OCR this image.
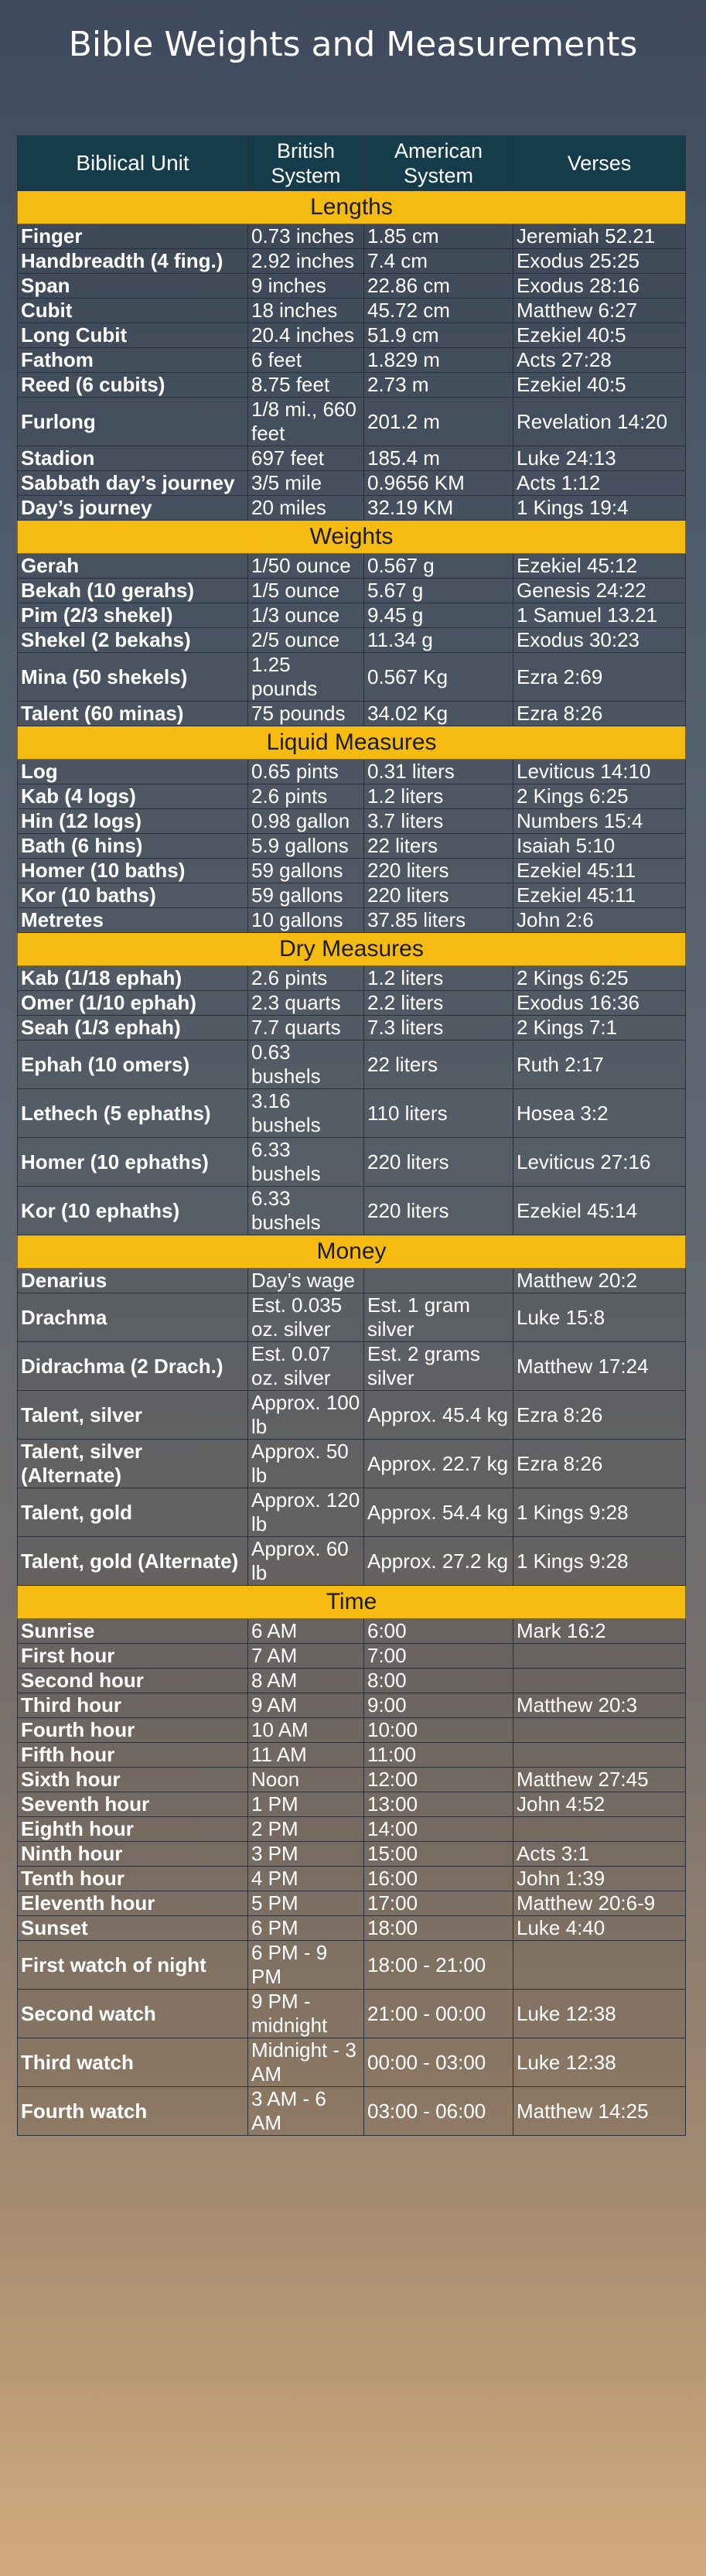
Bible Weights and Measurements
Biblical Unit	British System	American System	Verses
Lengths			
Finger	0.73 inches	1.85 cm	Jeremiah 52.21
Handbreadth (4 fing.)	2.92 inches	7.4 cm	Exodus 25:25
Span	9 inches	22.86 cm	Exodus 28:16
Cubit	18 inches	45.72 cm	Matthew 6:27
Long Cubit	20.4 inches	51.9 cm	Ezekiel 40:5
Fathom	6 feet	1.829 m	Acts 27:28
Reed (6 cubits)	8.75 feet	2.73 m	Ezekiel 40:5
Furlong	1/8 mi., 660 feet	201.2 m	Revelation 14:20
Stadion	697 feet	185.4 m	Luke 24:13
Sabbath day’s journey	3/5 mile	0.9656 KM	Acts 1:12
Day’s journey	20 miles	32.19 KM	1 Kings 19:4
Weights			
Gerah	1/50 ounce	0.567 g	Ezekiel 45:12
Bekah (10 gerahs)	1/5 ounce	5.67 g	Genesis 24:22
Pim (2/3 shekel)	1/3 ounce	9.45 g	1 Samuel 13.21
Shekel (2 bekahs)	2/5 ounce	11.34 g	Exodus 30:23
Mina (50 shekels)	1.25 pounds	0.567 Kg	Ezra 2:69
Talent (60 minas)	75 pounds	34.02 Kg	Ezra 8:26
Liquid Measures			
Log	0.65 pints	0.31 liters	Leviticus 14:10
Kab (4 logs)	2.6 pints	1.2 liters	2 Kings 6:25
Hin (12 logs)	0.98 gallon	3.7 liters	Numbers 15:4
Bath (6 hins)	5.9 gallons	22 liters	Isaiah 5:10
Homer (10 baths)	59 gallons	220 liters	Ezekiel 45:11
Kor (10 baths)	59 gallons	220 liters	Ezekiel 45:11
Metretes	10 gallons	37.85 liters	John 2:6
Dry Measures			
Kab (1/18 ephah)	2.6 pints	1.2 liters	2 Kings 6:25
Omer (1/10 ephah)	2.3 quarts	2.2 liters	Exodus 16:36
Seah (1/3 ephah)	7.7 quarts	7.3 liters	2 Kings 7:1
Ephah (10 omers)	0.63 bushels	22 liters	Ruth 2:17
Lethech (5 ephaths)	3.16 bushels	110 liters	Hosea 3:2
Homer (10 ephaths)	6.33 bushels	220 liters	Leviticus 27:16
Kor (10 ephaths)	6.33 bushels	220 liters	Ezekiel 45:14
Money			
Denarius	Day’s wage		Matthew 20:2
Drachma	Est. 0.035 oz. silver	Est. 1 gram silver	Luke 15:8
Didrachma (2 Drach.)	Est. 0.07 oz. silver	Est. 2 grams silver	Matthew 17:24
Talent, silver	Approx. 100 lb	Approx. 45.4 kg	Ezra 8:26
Talent, silver (Alternate)	Approx. 50 lb	Approx. 22.7 kg	Ezra 8:26
Talent, gold	Approx. 120 lb	Approx. 54.4 kg	1 Kings 9:28
Talent, gold (Alternate)	Approx. 60 lb	Approx. 27.2 kg	1 Kings 9:28
Time			
Sunrise	6 AM	6:00	Mark 16:2
First hour	7 AM	7:00	
Second hour	8 AM	8:00	
Third hour	9 AM	9:00	Matthew 20:3
Fourth hour	10 AM	10:00	
Fifth hour	11 AM	11:00	
Sixth hour	Noon	12:00	Matthew 27:45
Seventh hour	1 PM	13:00	John 4:52
Eighth hour	2 PM	14:00	
Ninth hour	3 PM	15:00	Acts 3:1
Tenth hour	4 PM	16:00	John 1:39
Eleventh hour	5 PM	17:00	Matthew 20:6-9
Sunset	6 PM	18:00	Luke 4:40
First watch of night	6 PM - 9 PM	18:00 - 21:00	
Second watch	9 PM - midnight	21:00 - 00:00	Luke 12:38
Third watch	Midnight - 3 AM	00:00 - 03:00	Luke 12:38
Fourth watch	3 AM - 6 AM	03:00 - 06:00	Matthew 14:25
